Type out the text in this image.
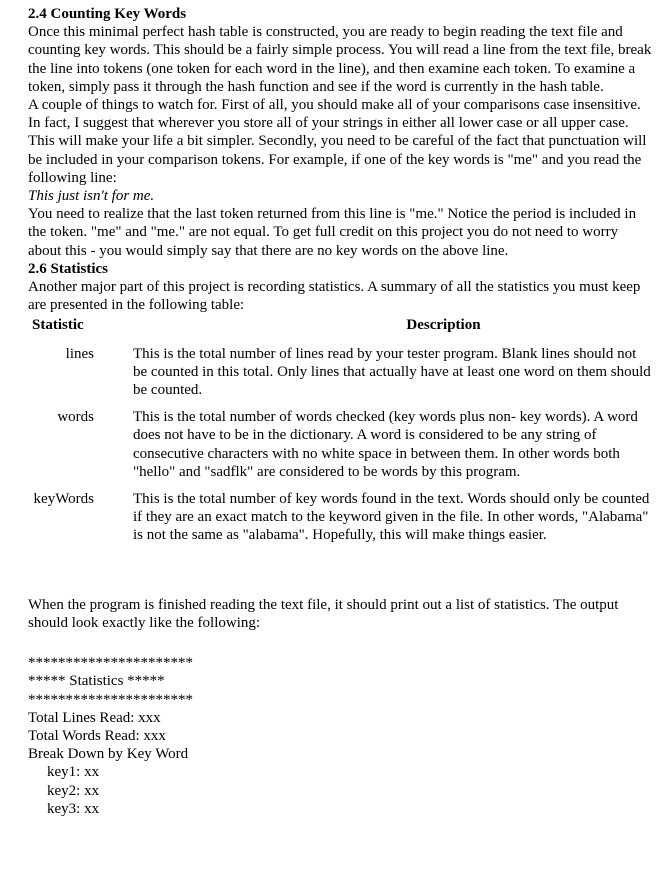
2.4 Counting Key Words

Once this minimal perfect hash table is constructed, you are ready to begin reading the text file and counting key words. This should be a fairly simple process. You will read a line from the text file, break the line into tokens (one token for each word in the line), and then examine each token. To examine a token, simply pass it through the hash function and see if the word is currently in the hash table.

A couple of things to watch for. First of all, you should make all of your comparisons case insensitive. In fact, I suggest that wherever you store all of your strings in either all lower case or all upper case. This will make your life a bit simpler. Secondly, you need to be careful of the fact that punctuation will be included in your comparison tokens. For example, if one of the key words is "me" and you read the following line:

This just isn't for me.

You need to realize that the last token returned from this line is "me." Notice the period is included in the token. "me" and "me." are not equal. To get full credit on this project you do not need to worry about this - you would simply say that there are no key words on the above line.

2.6 Statistics

Another major part of this project is recording statistics. A summary of all the statistics you must keep are presented in the following table:

Statistic	Description
lines	This is the total number of lines read by your tester program. Blank lines should not be counted in this total. Only lines that actually have at least one word on them should be counted.
words	This is the total number of words checked (key words plus non- key words). A word does not have to be in the dictionary. A word is considered to be any string of consecutive characters with no white space in between them. In other words both "hello" and "sadflk" are considered to be words by this program.
keyWords	This is the total number of key words found in the text. Words should only be counted if they are an exact match to the keyword given in the file. In other words, "Alabama" is not the same as "alabama". Hopefully, this will make things easier.

When the program is finished reading the text file, it should print out a list of statistics. The output should look exactly like the following:

**********************
***** Statistics *****
**********************
Total Lines Read: xxx
Total Words Read: xxx
Break Down by Key Word
key1: xx
key2: xx
key3: xx
